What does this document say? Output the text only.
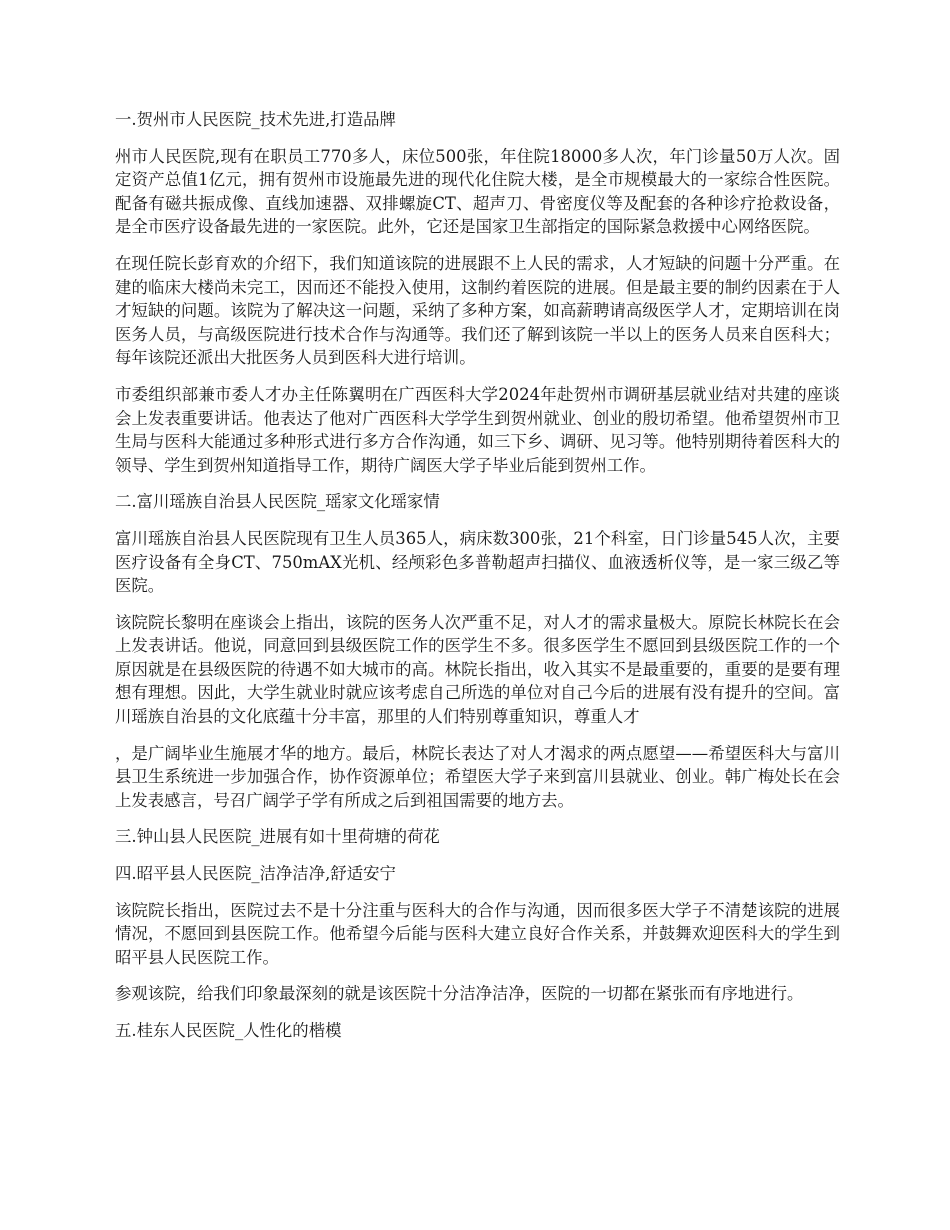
一.贺州市人民医院_技术先进,打造品牌

州市人民医院,现有在职员工770多人，床位500张，年住院18000多人次，年门诊量50万人次。固定资产总值1亿元，拥有贺州市设施最先进的现代化住院大楼，是全市规模最大的一家综合性医院。配备有磁共振成像、直线加速器、双排螺旋CT、超声刀、骨密度仪等及配套的各种诊疗抢救设备，是全市医疗设备最先进的一家医院。此外，它还是国家卫生部指定的国际紧急救援中心网络医院。

在现任院长彭育欢的介绍下，我们知道该院的进展跟不上人民的需求，人才短缺的问题十分严重。在建的临床大楼尚未完工，因而还不能投入使用，这制约着医院的进展。但是最主要的制约因素在于人才短缺的问题。该院为了解决这一问题，采纳了多种方案，如高薪聘请高级医学人才，定期培训在岗医务人员，与高级医院进行技术合作与沟通等。我们还了解到该院一半以上的医务人员来自医科大；每年该院还派出大批医务人员到医科大进行培训。

市委组织部兼市委人才办主任陈翼明在广西医科大学2024年赴贺州市调研基层就业结对共建的座谈会上发表重要讲话。他表达了他对广西医科大学学生到贺州就业、创业的殷切希望。他希望贺州市卫生局与医科大能通过多种形式进行多方合作沟通，如三下乡、调研、见习等。他特别期待着医科大的领导、学生到贺州知道指导工作，期待广阔医大学子毕业后能到贺州工作。

二.富川瑶族自治县人民医院_瑶家文化瑶家情

富川瑶族自治县人民医院现有卫生人员365人，病床数300张，21个科室，日门诊量545人次，主要医疗设备有全身CT、750mAX光机、经颅彩色多普勒超声扫描仪、血液透析仪等，是一家三级乙等医院。

该院院长黎明在座谈会上指出，该院的医务人次严重不足，对人才的需求量极大。原院长林院长在会上发表讲话。他说，同意回到县级医院工作的医学生不多。很多医学生不愿回到县级医院工作的一个原因就是在县级医院的待遇不如大城市的高。林院长指出，收入其实不是最重要的，重要的是要有理想有理想。因此，大学生就业时就应该考虑自己所选的单位对自己今后的进展有没有提升的空间。富川瑶族自治县的文化底蕴十分丰富，那里的人们特别尊重知识，尊重人才

，是广阔毕业生施展才华的地方。最后，林院长表达了对人才渴求的两点愿望——希望医科大与富川县卫生系统进一步加强合作，协作资源单位；希望医大学子来到富川县就业、创业。韩广梅处长在会上发表感言，号召广阔学子学有所成之后到祖国需要的地方去。

三.钟山县人民医院_进展有如十里荷塘的荷花

四.昭平县人民医院_洁净洁净,舒适安宁

该院院长指出，医院过去不是十分注重与医科大的合作与沟通，因而很多医大学子不清楚该院的进展情况，不愿回到县医院工作。他希望今后能与医科大建立良好合作关系，并鼓舞欢迎医科大的学生到昭平县人民医院工作。

参观该院，给我们印象最深刻的就是该医院十分洁净洁净，医院的一切都在紧张而有序地进行。

五.桂东人民医院_人性化的楷模
